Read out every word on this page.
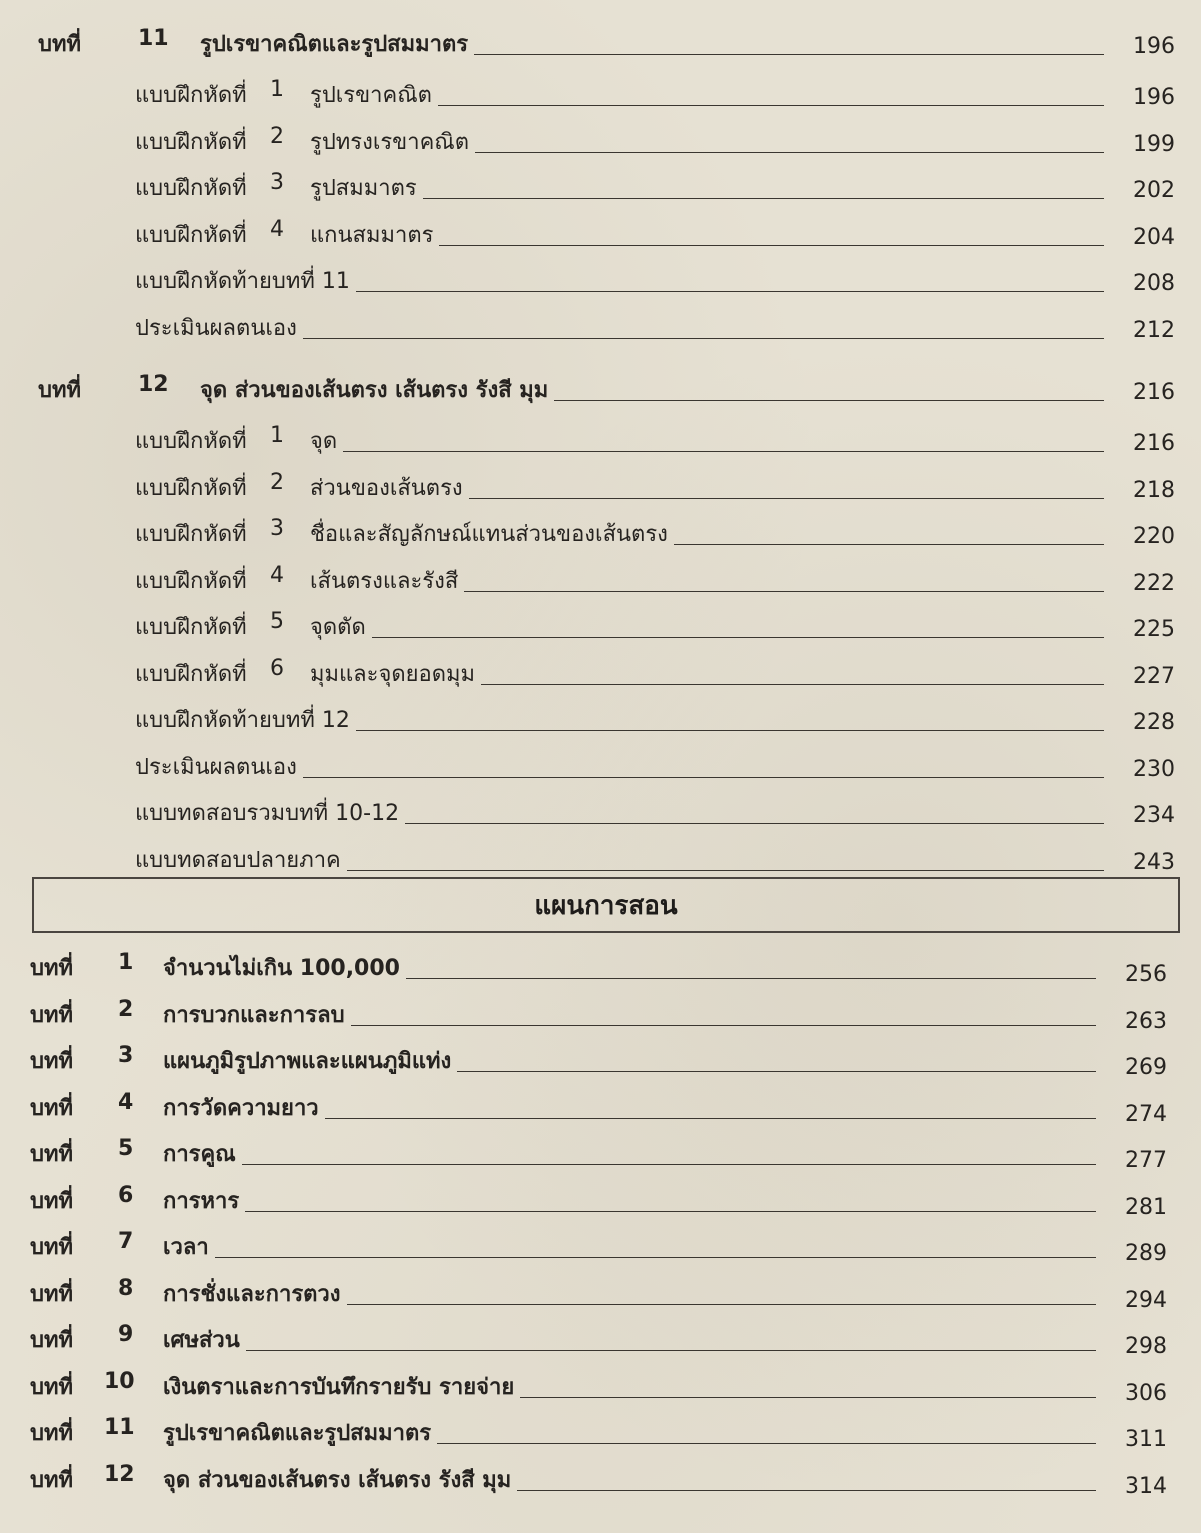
บทที่	11 รูปเรขาคณิตและรูปสมมาตร	196
แบบฝึกหัดที่ 1 รูปเรขาคณิต	196
แบบฝึกหัดที่ 2 รูปทรงเรขาคณิต	199
แบบฝึกหัดที่ 3 รูปสมมาตร	202
แบบฝึกหัดที่ 4 แกนสมมาตร	204
แบบฝึกหัดท้ายบทที่ 11	208
ประเมินผลตนเอง	212
บทที่	12 จุด ส่วนของเส้นตรง เส้นตรง รังสี มุม	216
แบบฝึกหัดที่ 1 จุด	216
แบบฝึกหัดที่ 2 ส่วนของเส้นตรง	218
แบบฝึกหัดที่ 3 ชื่อและสัญลักษณ์แทนส่วนของเส้นตรง	220
แบบฝึกหัดที่ 4 เส้นตรงและรังสี	222
แบบฝึกหัดที่ 5 จุดตัด	225
แบบฝึกหัดที่ 6 มุมและจุดยอดมุม	227
แบบฝึกหัดท้ายบทที่ 12	228
ประเมินผลตนเอง	230
แบบทดสอบรวมบทที่ 10-12	234
แบบทดสอบปลายภาค	243
บทที่ 1 จำนวนไม่เกิน 100,000	256
บทที่ 2 การบวกและการลบ	263
บทที่ 3 แผนภูมิรูปภาพและแผนภูมิแท่ง	269
บทที่ 4 การวัดความยาว	274
บทที่ 5 การคูณ	277
บทที่ 6 การหาร	281
บทที่ 7 เวลา	289
บทที่ 8 การชั่งและการตวง	294
บทที่ 9 เศษส่วน	298
บทที่ 10 เงินตราและการบันทึกรายรับ รายจ่าย	306
บทที่ 11 รูปเรขาคณิตและรูปสมมาตร	311
บทที่ 12 จุด ส่วนของเส้นตรง เส้นตรง รังสี มุม	314
แผนการสอน
